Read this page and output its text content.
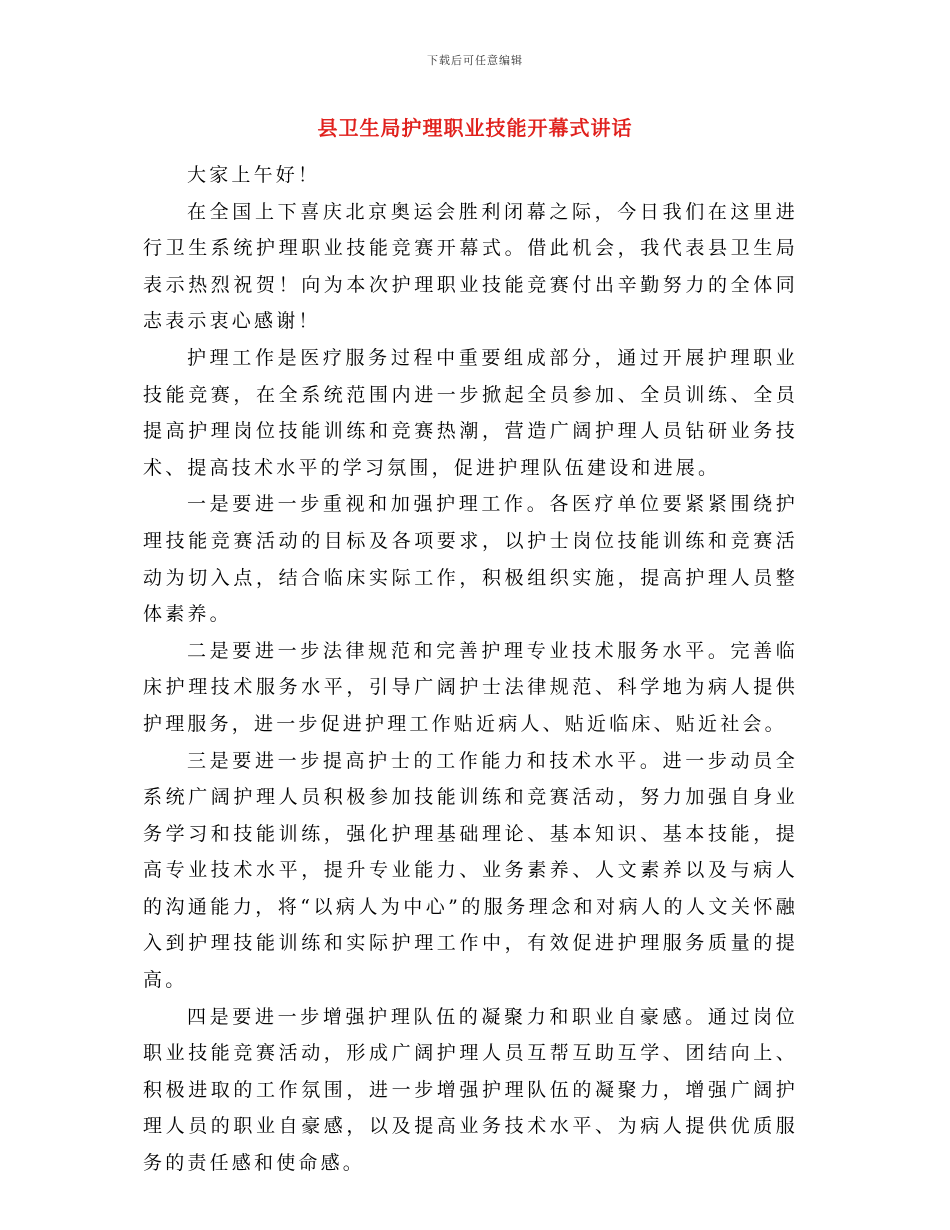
下载后可任意编辑
县卫生局护理职业技能开幕式讲话

大家上午好！

在全国上下喜庆北京奥运会胜利闭幕之际，今日我们在这里进行卫生系统护理职业技能竞赛开幕式。借此机会，我代表县卫生局表示热烈祝贺！向为本次护理职业技能竞赛付出辛勤努力的全体同志表示衷心感谢！

护理工作是医疗服务过程中重要组成部分，通过开展护理职业技能竞赛，在全系统范围内进一步掀起全员参加、全员训练、全员提高护理岗位技能训练和竞赛热潮，营造广阔护理人员钻研业务技术、提高技术水平的学习氛围，促进护理队伍建设和进展。

一是要进一步重视和加强护理工作。各医疗单位要紧紧围绕护理技能竞赛活动的目标及各项要求，以护士岗位技能训练和竞赛活动为切入点，结合临床实际工作，积极组织实施，提高护理人员整体素养。

二是要进一步法律规范和完善护理专业技术服务水平。完善临床护理技术服务水平，引导广阔护士法律规范、科学地为病人提供护理服务，进一步促进护理工作贴近病人、贴近临床、贴近社会。

三是要进一步提高护士的工作能力和技术水平。进一步动员全系统广阔护理人员积极参加技能训练和竞赛活动，努力加强自身业务学习和技能训练，强化护理基础理论、基本知识、基本技能，提高专业技术水平，提升专业能力、业务素养、人文素养以及与病人的沟通能力，将“以病人为中心”的服务理念和对病人的人文关怀融入到护理技能训练和实际护理工作中，有效促进护理服务质量的提高。

四是要进一步增强护理队伍的凝聚力和职业自豪感。通过岗位职业技能竞赛活动，形成广阔护理人员互帮互助互学、团结向上、积极进取的工作氛围，进一步增强护理队伍的凝聚力，增强广阔护理人员的职业自豪感，以及提高业务技术水平、为病人提供优质服务的责任感和使命感。
